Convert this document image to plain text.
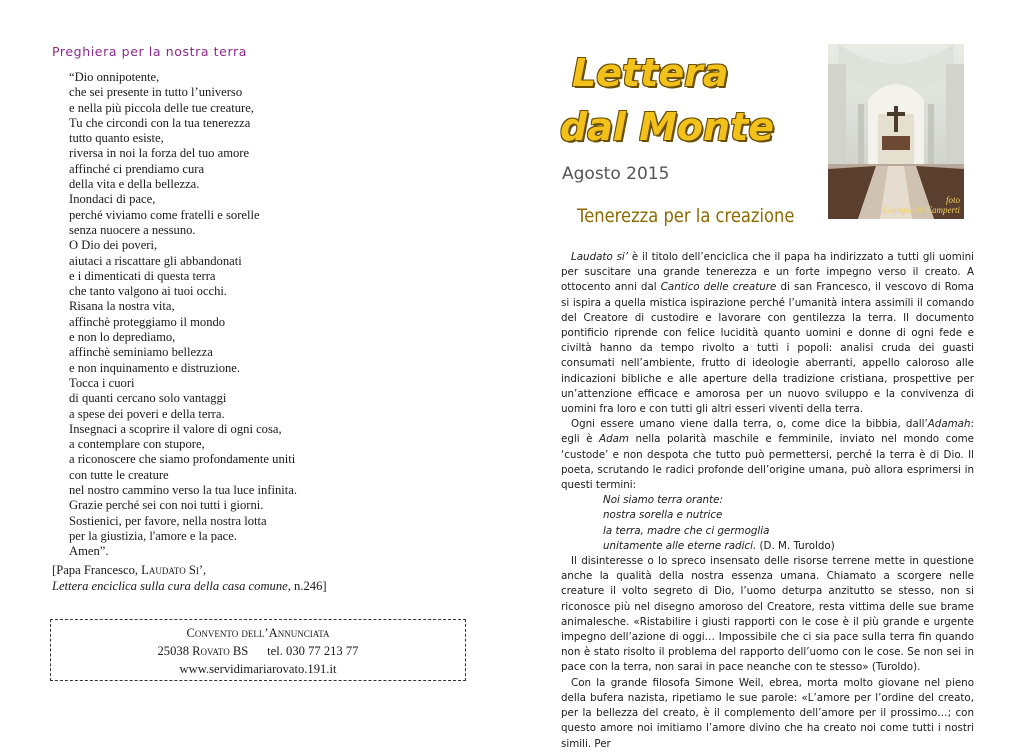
Preghiera per la nostra terra
“Dio onnipotente,
che sei presente in tutto l’universo
e nella più piccola delle tue creature,
Tu che circondi con la tua tenerezza
tutto quanto esiste,
riversa in noi la forza del tuo amore
affinché ci prendiamo cura
della vita e della bellezza.
Inondaci di pace,
perché viviamo come fratelli e sorelle
senza nuocere a nessuno.
O Dio dei poveri,
aiutaci a riscattare gli abbandonati
e i dimenticati di questa terra
che tanto valgono ai tuoi occhi.
Risana la nostra vita,
affinchè proteggiamo il mondo
e non lo deprediamo,
affinchè seminiamo bellezza
e non inquinamento e distruzione.
Tocca i cuori
di quanti cercano solo vantaggi
a spese dei poveri e della terra.
Insegnaci a scoprire il valore di ogni cosa,
a contemplare con stupore,
a riconoscere che siamo profondamente uniti
con tutte le creature
nel nostro cammino verso la tua luce infinita.
Grazie perché sei con noi tutti i giorni.
Sostienici, per favore, nella nostra lotta
per la giustizia, l'amore e la pace.
Amen”.
[Papa Francesco, Laudato Si’,
Lettera enciclica sulla cura della casa comune, n.246]
Convento dell’Annunciata
25038 Rovato BS tel. 030 77 213 77
www.servidimariarovato.191.it
Lettera
dal Monte
foto
Giampaolo Camperti
Agosto 2015
Tenerezza per la creazione

Laudato si’ è il titolo dell’enciclica che il papa ha indirizzato a tutti gli uomini per suscitare una grande tenerezza e un forte impegno verso il creato. A ottocento anni dal Cantico delle creature di san Francesco, il vescovo di Roma si ispira a quella mistica ispirazione perché l’umanità intera assimili il comando del Creatore di custodire e lavorare con gentilezza la terra. Il documento pontificio riprende con felice lucidità quanto uomini e donne di ogni fede e civiltà hanno da tempo rivolto a tutti i popoli: analisi cruda dei guasti consumati nell’ambiente, frutto di ideologie aberranti, appello caloroso alle indicazioni bibliche e alle aperture della tradizione cristiana, prospettive per un’attenzione efficace e amorosa per un nuovo sviluppo e la convivenza di uomini fra loro e con tutti gli altri esseri viventi della terra.

Ogni essere umano viene dalla terra, o, come dice la bibbia, dall’Adamah: egli è Adam nella polarità maschile e femminile, inviato nel mondo come ‘custode’ e non despota che tutto può permettersi, perché la terra è di Dio. Il poeta, scrutando le radici profonde dell’origine umana, può allora esprimersi in questi termini:

Noi siamo terra orante:
nostra sorella e nutrice
la terra, madre che ci germoglia
unitamente alle eterne radici. (D. M. Turoldo)

Il disinteresse o lo spreco insensato delle risorse terrene mette in questione anche la qualità della nostra essenza umana. Chiamato a scorgere nelle creature il volto segreto di Dio, l’uomo deturpa anzitutto se stesso, non si riconosce più nel disegno amoroso del Creatore, resta vittima delle sue brame animalesche. «Ristabilire i giusti rapporti con le cose è il più grande e urgente impegno dell’azione di oggi… Impossibile che ci sia pace sulla terra fin quando non è stato risolto il problema del rapporto dell’uomo con le cose. Se non sei in pace con la terra, non sarai in pace neanche con te stesso» (Turoldo).

Con la grande filosofa Simone Weil, ebrea, morta molto giovane nel pieno della bufera nazista, ripetiamo le sue parole: «L’amore per l’ordine del creato, per la bellezza del creato, è il complemento dell’amore per il prossimo…; con questo amore noi imitiamo l’amore divino che ha creato noi come tutti i nostri simili. Per
